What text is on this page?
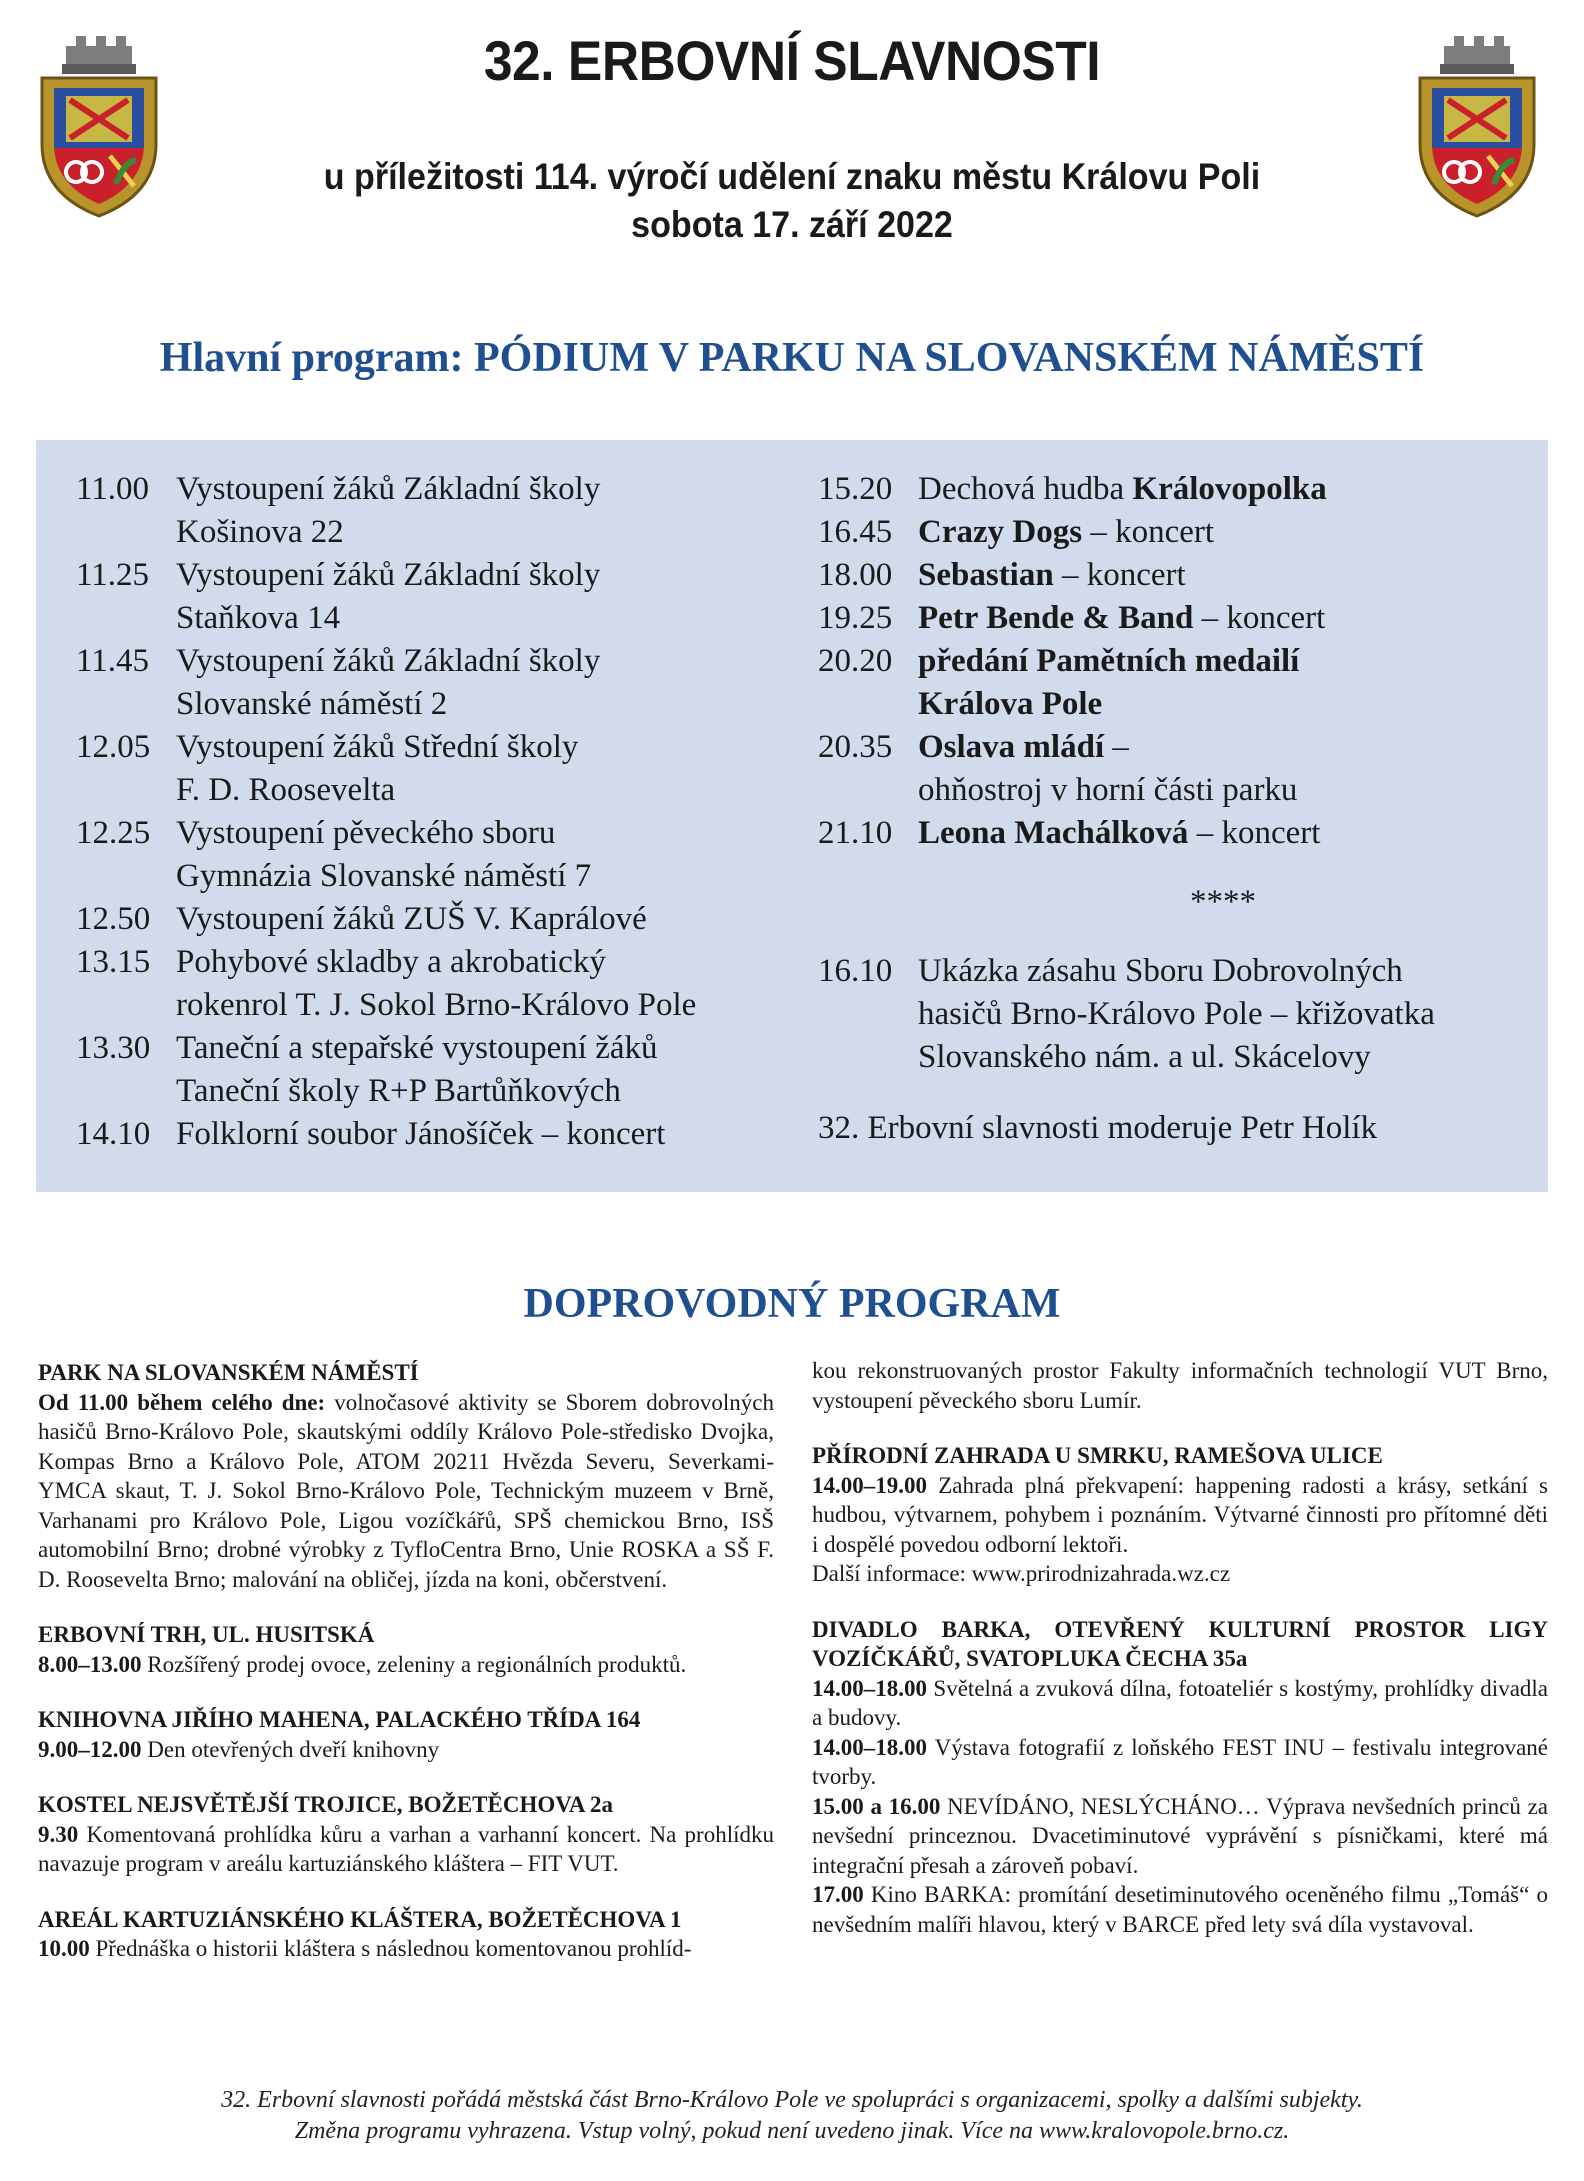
32. ERBOVNÍ SLAVNOSTI
u příležitosti 114. výročí udělení znaku městu Královu Poli
sobota 17. září 2022
Hlavní program: PÓDIUM V PARKU NA SLOVANSKÉM NÁMĚSTÍ
11.00 Vystoupení žáků Základní školy
Košinova 22
11.25 Vystoupení žáků Základní školy
Staňkova 14
11.45 Vystoupení žáků Základní školy
Slovanské náměstí 2
12.05 Vystoupení žáků Střední školy
F. D. Roosevelta
12.25 Vystoupení pěveckého sboru
Gymnázia Slovanské náměstí 7
12.50 Vystoupení žáků ZUŠ V. Kaprálové
13.15 Pohybové skladby a akrobatický
rokenrol T. J. Sokol Brno-Královo Pole
13.30 Taneční a stepařské vystoupení žáků
Taneční školy R+P Bartůňkových
14.10 Folklorní soubor Jánošíček – koncert
15.20 Dechová hudba Královopolka
16.45 Crazy Dogs – koncert
18.00 Sebastian – koncert
19.25 Petr Bende & Band – koncert
20.20 předání Pamětních medailí
Králova Pole
20.35 Oslava mládí –
ohňostroj v horní části parku
21.10 Leona Machálková – koncert
****
16.10 Ukázka zásahu Sboru Dobrovolných
hasičů Brno-Královo Pole – křižovatka
Slovanského nám. a ul. Skácelovy
32. Erbovní slavnosti moderuje Petr Holík
DOPROVODNÝ PROGRAM
PARK NA SLOVANSKÉM NÁMĚSTÍ

Od 11.00 během celého dne: volnočasové aktivity se Sborem dobrovolných hasičů Brno-Královo Pole, skautskými oddíly Královo Pole-středisko Dvojka, Kompas Brno a Královo Pole, ATOM 20211 Hvězda Severu, Severkami-YMCA skaut, T. J. Sokol Brno-Královo Pole, Technickým muzeem v Brně, Varhanami pro Královo Pole, Ligou vozíčkářů, SPŠ chemickou Brno, ISŠ automobilní Brno; drobné výrobky z TyfloCentra Brno, Unie ROSKA a SŠ F. D. Roosevelta Brno; malování na obličej, jízda na koni, občerstvení.

ERBOVNÍ TRH, UL. HUSITSKÁ

8.00–13.00 Rozšířený prodej ovoce, zeleniny a regionálních produktů.

KNIHOVNA JIŘÍHO MAHENA, PALACKÉHO TŘÍDA 164

9.00–12.00 Den otevřených dveří knihovny

KOSTEL NEJSVĚTĚJŠÍ TROJICE, BOŽETĚCHOVA 2a

9.30 Komentovaná prohlídka kůru a varhan a varhanní koncert. Na prohlídku navazuje program v areálu kartuziánského kláštera – FIT VUT.

AREÁL KARTUZIÁNSKÉHO KLÁŠTERA, BOŽETĚCHOVA 1

10.00 Přednáška o historii kláštera s následnou komentovanou prohlíd-

kou rekonstruovaných prostor Fakulty informačních technologií VUT Brno, vystoupení pěveckého sboru Lumír.

PŘÍRODNÍ ZAHRADA U SMRKU, RAMEŠOVA ULICE

14.00–19.00 Zahrada plná překvapení: happening radosti a krásy, setkání s hudbou, výtvarnem, pohybem i poznáním. Výtvarné činnosti pro přítomné děti i dospělé povedou odborní lektoři.

Další informace: www.prirodnizahrada.wz.cz

DIVADLO BARKA, OTEVŘENÝ KULTURNÍ PROSTOR LIGY VOZÍČKÁŘŮ, SVATOPLUKA ČECHA 35a

14.00–18.00 Světelná a zvuková dílna, fotoateliér s kostýmy, prohlídky divadla a budovy.

14.00–18.00 Výstava fotografií z loňského FEST INU – festivalu integrované tvorby.

15.00 a 16.00 NEVÍDÁNO, NESLÝCHÁNO… Výprava nevšedních princů za nevšední princeznou. Dvacetiminutové vyprávění s písničkami, které má integrační přesah a zároveň pobaví.

17.00 Kino BARKA: promítání desetiminutového oceněného filmu „Tomáš“ o nevšedním malíři hlavou, který v BARCE před lety svá díla vystavoval.

32. Erbovní slavnosti pořádá městská část Brno-Královo Pole ve spolupráci s organizacemi, spolky a dalšími subjekty.
Změna programu vyhrazena. Vstup volný, pokud není uvedeno jinak. Více na www.kralovopole.brno.cz.
